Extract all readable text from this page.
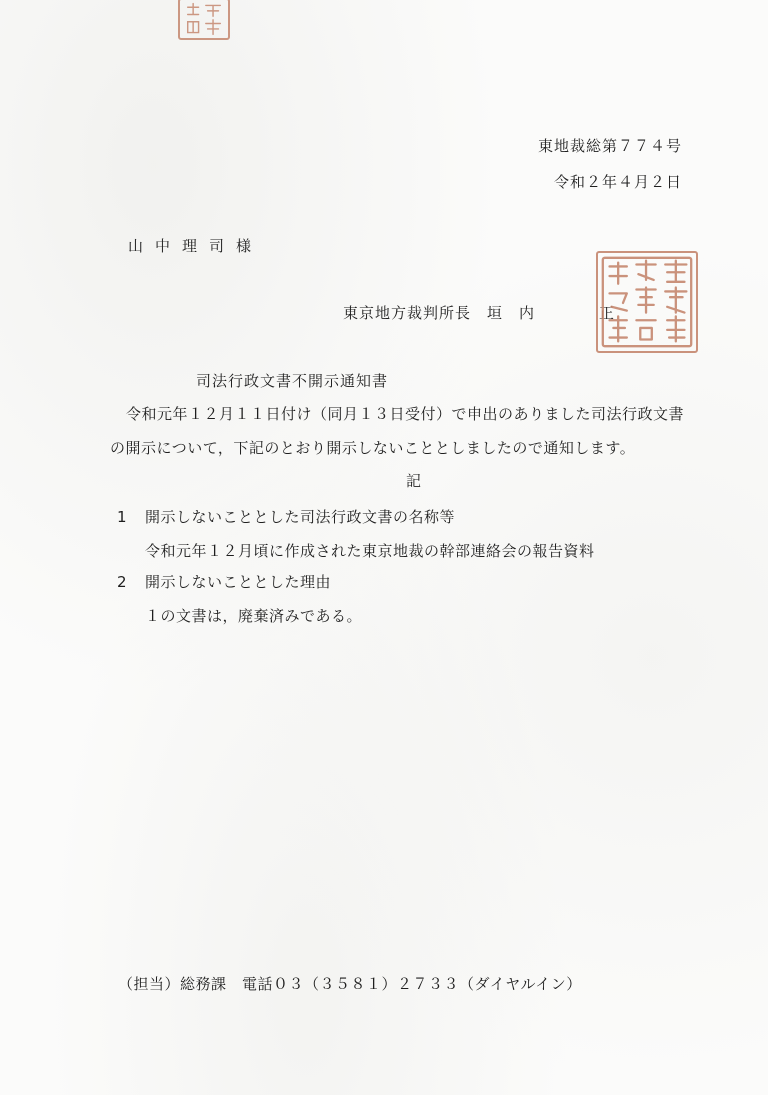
東地裁総第７７４号
令和２年４月２日
山中理司様
東京地方裁判所長　垣　内　　　　正
司法行政文書不開示通知書
令和元年１２月１１日付け（同月１３日受付）で申出のありました司法行政文書
の開示について，下記のとおり開示しないこととしましたので通知します。
記
1 開示しないこととした司法行政文書の名称等
令和元年１２月頃に作成された東京地裁の幹部連絡会の報告資料
2 開示しないこととした理由
１の文書は，廃棄済みである。
（担当）総務課　電話０３（３５８１）２７３３（ダイヤルイン）
